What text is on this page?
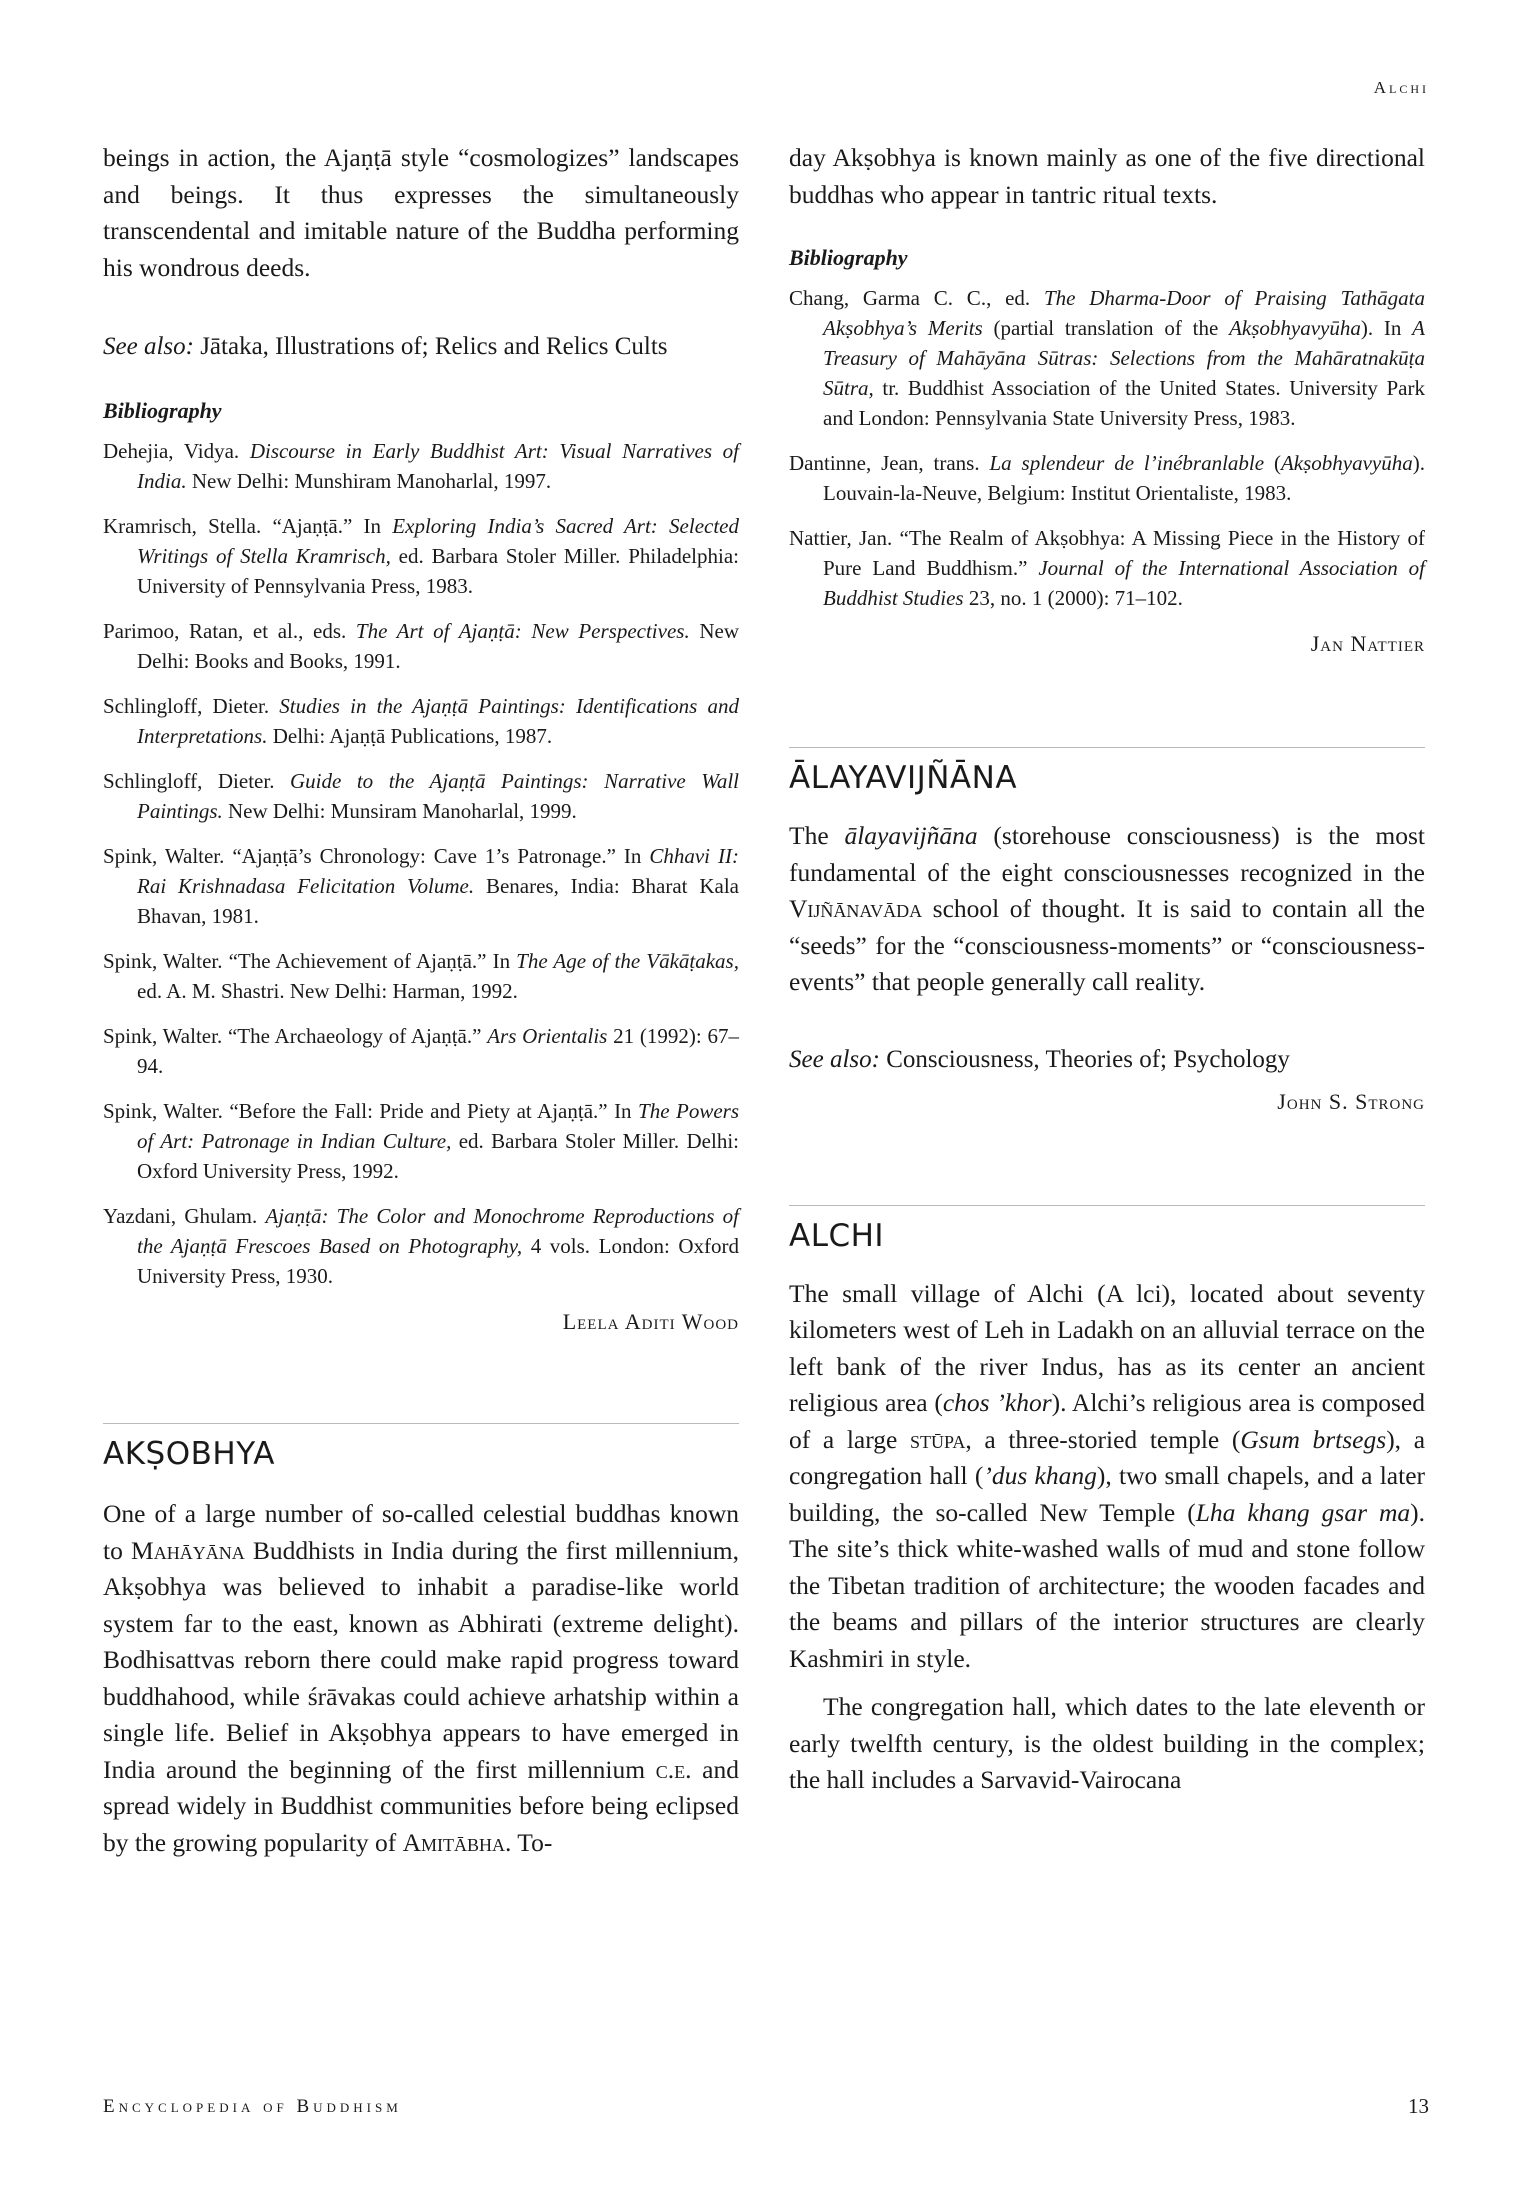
Alchi

beings in action, the Ajaṇṭā style “cosmologizes” landscapes and beings. It thus expresses the simultaneously transcendental and imitable nature of the Buddha performing his wondrous deeds.

See also: Jātaka, Illustrations of; Relics and Relics Cults

Bibliography

Dehejia, Vidya. Discourse in Early Buddhist Art: Visual Narratives of India. New Delhi: Munshiram Manoharlal, 1997.

Kramrisch, Stella. “Ajaṇṭā.” In Exploring India’s Sacred Art: Selected Writings of Stella Kramrisch, ed. Barbara Stoler Miller. Philadelphia: University of Pennsylvania Press, 1983.

Parimoo, Ratan, et al., eds. The Art of Ajaṇṭā: New Perspectives. New Delhi: Books and Books, 1991.

Schlingloff, Dieter. Studies in the Ajaṇṭā Paintings: Identifications and Interpretations. Delhi: Ajaṇṭā Publications, 1987.

Schlingloff, Dieter. Guide to the Ajaṇṭā Paintings: Narrative Wall Paintings. New Delhi: Munsiram Manoharlal, 1999.

Spink, Walter. “Ajaṇṭā’s Chronology: Cave 1’s Patronage.” In Chhavi II: Rai Krishnadasa Felicitation Volume. Benares, India: Bharat Kala Bhavan, 1981.

Spink, Walter. “The Achievement of Ajaṇṭā.” In The Age of the Vākāṭakas, ed. A. M. Shastri. New Delhi: Harman, 1992.

Spink, Walter. “The Archaeology of Ajaṇṭā.” Ars Orientalis 21 (1992): 67–94.

Spink, Walter. “Before the Fall: Pride and Piety at Ajaṇṭā.” In The Powers of Art: Patronage in Indian Culture, ed. Barbara Stoler Miller. Delhi: Oxford University Press, 1992.

Yazdani, Ghulam. Ajaṇṭā: The Color and Monochrome Reproductions of the Ajaṇṭā Frescoes Based on Photography, 4 vols. London: Oxford University Press, 1930.

Leela Aditi Wood

AKṢOBHYA

One of a large number of so-called celestial buddhas known to Mahāyāna Buddhists in India during the first millennium, Akṣobhya was believed to inhabit a paradise-like world system far to the east, known as Abhirati (extreme delight). Bodhisattvas reborn there could make rapid progress toward buddhahood, while śrāvakas could achieve arhatship within a single life. Belief in Akṣobhya appears to have emerged in India around the beginning of the first millennium c.e. and spread widely in Buddhist communities before being eclipsed by the growing popularity of Amitābha. To-

day Akṣobhya is known mainly as one of the five directional buddhas who appear in tantric ritual texts.

Bibliography

Chang, Garma C. C., ed. The Dharma-Door of Praising Tathāgata Akṣobhya’s Merits (partial translation of the Akṣobhyavyūha). In A Treasury of Mahāyāna Sūtras: Selections from the Mahāratnakūṭa Sūtra, tr. Buddhist Association of the United States. University Park and London: Pennsylvania State University Press, 1983.

Dantinne, Jean, trans. La splendeur de l’inébranlable (Akṣobhyavyūha). Louvain-la-Neuve, Belgium: Institut Orientaliste, 1983.

Nattier, Jan. “The Realm of Akṣobhya: A Missing Piece in the History of Pure Land Buddhism.” Journal of the International Association of Buddhist Studies 23, no. 1 (2000): 71–102.

Jan Nattier

ĀLAYAVIJÑĀNA

The ālayavijñāna (storehouse consciousness) is the most fundamental of the eight consciousnesses recognized in the Vijñānavāda school of thought. It is said to contain all the “seeds” for the “consciousness-moments” or “consciousness-events” that people generally call reality.

See also: Consciousness, Theories of; Psychology

John S. Strong

ALCHI

The small village of Alchi (A lci), located about seventy kilometers west of Leh in Ladakh on an alluvial terrace on the left bank of the river Indus, has as its center an ancient religious area (chos ’khor). Alchi’s religious area is composed of a large stūpa, a three-storied temple (Gsum brtsegs), a congregation hall (’dus khang), two small chapels, and a later building, the so-called New Temple (Lha khang gsar ma). The site’s thick white-washed walls of mud and stone follow the Tibetan tradition of architecture; the wooden facades and the beams and pillars of the interior structures are clearly Kashmiri in style.

The congregation hall, which dates to the late eleventh or early twelfth century, is the oldest building in the complex; the hall includes a Sarvavid-Vairocana

Encyclopedia of Buddhism	13
